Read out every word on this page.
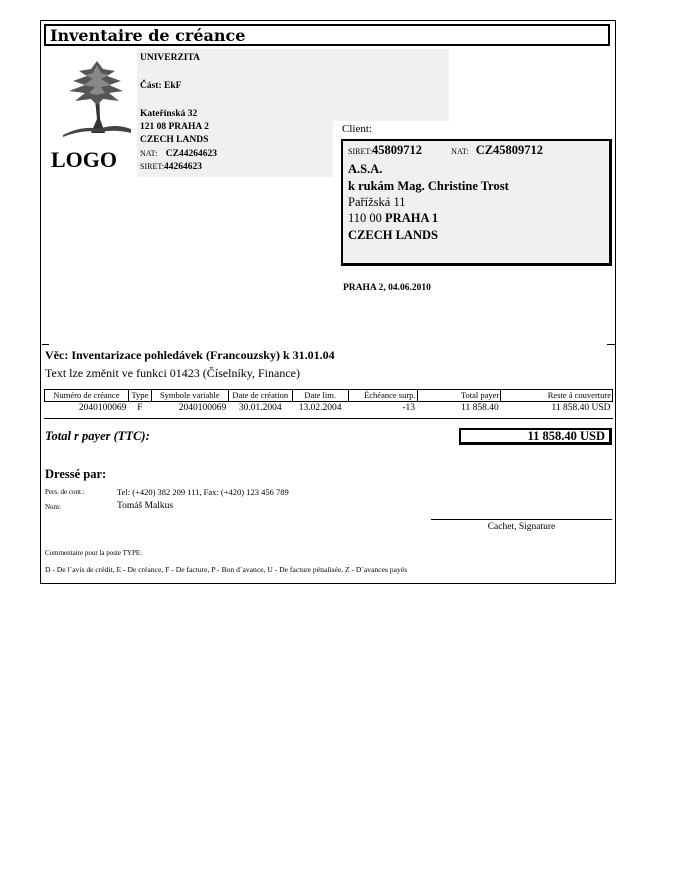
Inventaire de créance
LOGO
UNIVERZITA
Část: EkF
Kateřinská 32
121 08 PRAHA 2
CZECH LANDS
NAT: CZ44264623
SIRET:44264623
Client:
SIRET:45809712	NAT: CZ45809712
A.S.A.
k rukám Mag. Christine Trost
Pařížská 11
110 00 PRAHA 1
CZECH LANDS
PRAHA 2, 04.06.2010
Věc: Inventarizace pohledávek (Francouzsky) k 31.01.04
Text lze změnit ve funkci 01423 (Číselníky, Finance)
Numéro de créance	Type	Symbole variable	Date de création	Date lim.	Échéance surp.	Total payer	Reste á couverture
2040100069	F	2040100069	30.01.2004	13.02.2004	-13	11 858.40	11 858.40 USD
Total r payer (TTC):	11 858.40 USD
Dressé par:
Pers. de cont.:	Tel: (+420) 382 209 111, Fax: (+420) 123 456 789
Nom:	Tomáš Malkus
Cachet, Signature
Commentaire pour la poste TYPE:
D - De l´avis de crédit, E - De créance, F - De facture, P - Bon d´avance, U - De facture pénalisée, Z - D´avances payés
